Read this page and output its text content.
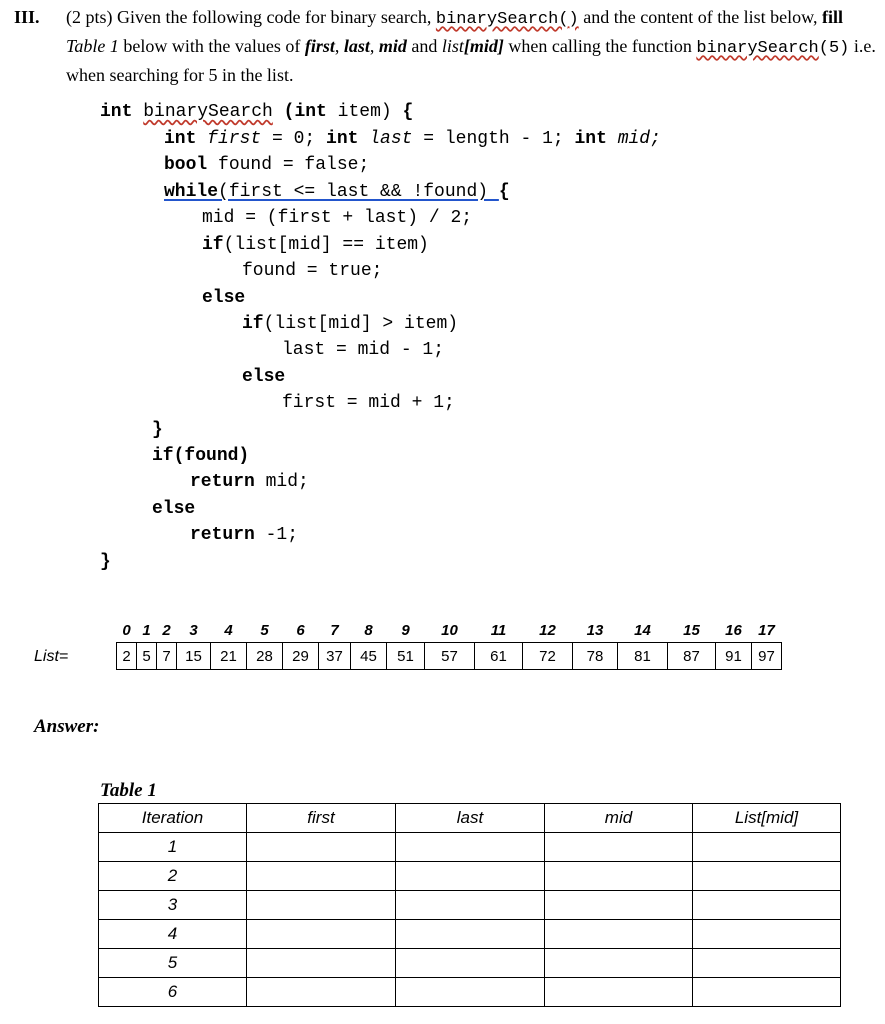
III. (2 pts) Given the following code for binary search, binarySearch() and the content of the list below, fill Table 1 below with the values of first, last, mid and list[mid] when calling the function binarySearch(5) i.e. when searching for 5 in the list.
int binarySearch (int item) {
int first = 0; int last = length - 1; int mid;
bool found = false;
while(first <= last && !found) {
mid = (first + last) / 2;
if(list[mid] == item)
found = true;
else
if(list[mid] > item)
last = mid - 1;
else
first = mid + 1;
}
if(found)
return mid;
else
return -1;
}
List=
0	1	2	3	4	5	6	7	8	9	10	11	12	13	14	15	16	17
2	5	7	15	21	28	29	37	45	51	57	61	72	78	81	87	91	97
Answer:
Table 1
Iteration	first	last	mid	List[mid]
1				
2				
3				
4				
5				
6				
